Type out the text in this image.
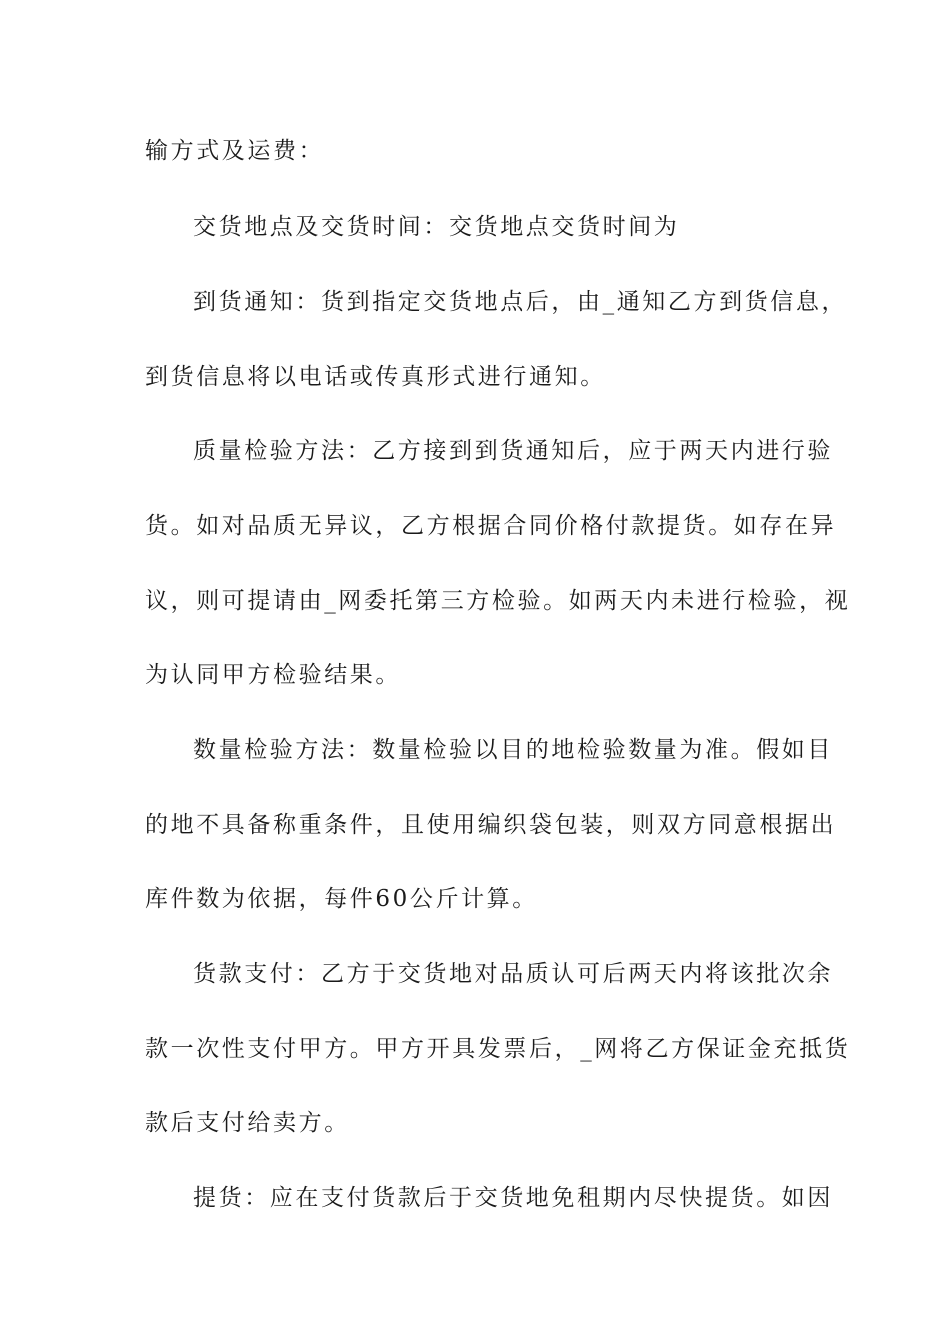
输方式及运费：
交货地点及交货时间：交货地点交货时间为
到货通知：货到指定交货地点后，由_通知乙方到货信息，
到货信息将以电话或传真形式进行通知。
质量检验方法：乙方接到到货通知后，应于两天内进行验
货。如对品质无异议，乙方根据合同价格付款提货。如存在异
议，则可提请由_网委托第三方检验。如两天内未进行检验，视
为认同甲方检验结果。
数量检验方法：数量检验以目的地检验数量为准。假如目
的地不具备称重条件，且使用编织袋包装，则双方同意根据出
库件数为依据，每件60公斤计算。
货款支付：乙方于交货地对品质认可后两天内将该批次余
款一次性支付甲方。甲方开具发票后，_网将乙方保证金充抵货
款后支付给卖方。
提货：应在支付货款后于交货地免租期内尽快提货。如因
